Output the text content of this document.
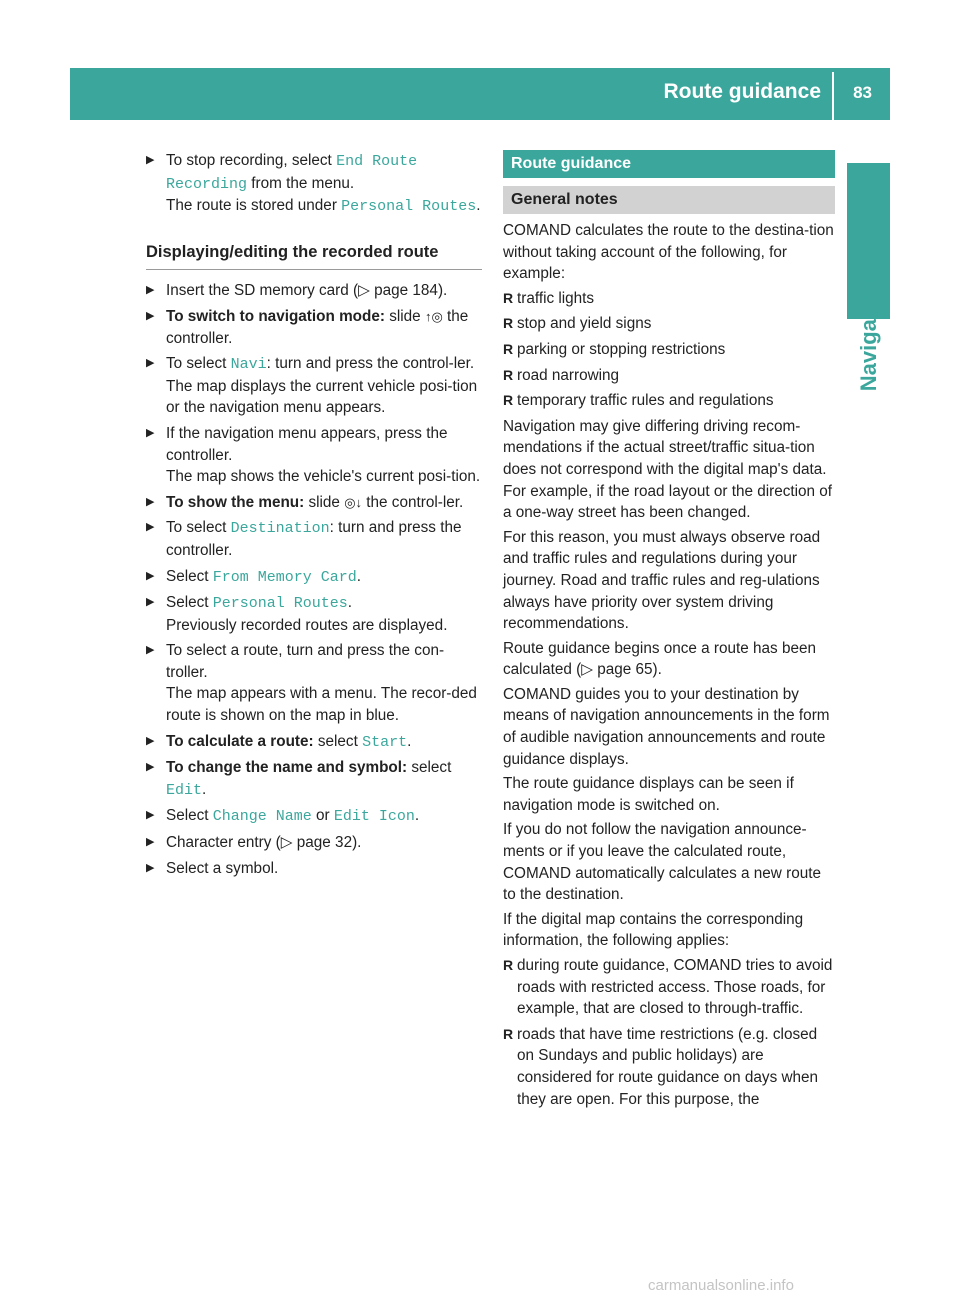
Route guidance 83
Navigation
▶ To stop recording, select End Route Recording from the menu.
The route is stored under Personal Routes.
Displaying/editing the recorded route
▶ Insert the SD memory card (▷ page 184).
▶ To switch to navigation mode: slide ↑◎ the controller.
▶ To select Navi: turn and press the control-ler.
The map displays the current vehicle posi-tion or the navigation menu appears.
▶ If the navigation menu appears, press the controller.
The map shows the vehicle's current posi-tion.
▶ To show the menu: slide ◎↓ the control-ler.
▶ To select Destination: turn and press the controller.
▶ Select From Memory Card.
▶ Select Personal Routes.
Previously recorded routes are displayed.
▶ To select a route, turn and press the con-troller.
The map appears with a menu. The recor-ded route is shown on the map in blue.
▶ To calculate a route: select Start.
▶ To change the name and symbol: select Edit.
▶ Select Change Name or Edit Icon.
▶ Character entry (▷ page 32).
▶ Select a symbol.
Route guidance
General notes
COMAND calculates the route to the destina-tion without taking account of the following, for example:
R traffic lights
R stop and yield signs
R parking or stopping restrictions
R road narrowing
R temporary traffic rules and regulations
Navigation may give differing driving recom-mendations if the actual street/traffic situa-tion does not correspond with the digital map's data. For example, if the road layout or the direction of a one-way street has been changed.
For this reason, you must always observe road and traffic rules and regulations during your journey. Road and traffic rules and reg-ulations always have priority over system driving recommendations.
Route guidance begins once a route has been calculated (▷ page 65).
COMAND guides you to your destination by means of navigation announcements in the form of audible navigation announcements and route guidance displays.
The route guidance displays can be seen if navigation mode is switched on.
If you do not follow the navigation announce-ments or if you leave the calculated route, COMAND automatically calculates a new route to the destination.
If the digital map contains the corresponding information, the following applies:
R during route guidance, COMAND tries to avoid roads with restricted access. Those roads, for example, that are closed to through-traffic.
R roads that have time restrictions (e.g. closed on Sundays and public holidays) are considered for route guidance on days when they are open. For this purpose, the
carmanualsonline.info
